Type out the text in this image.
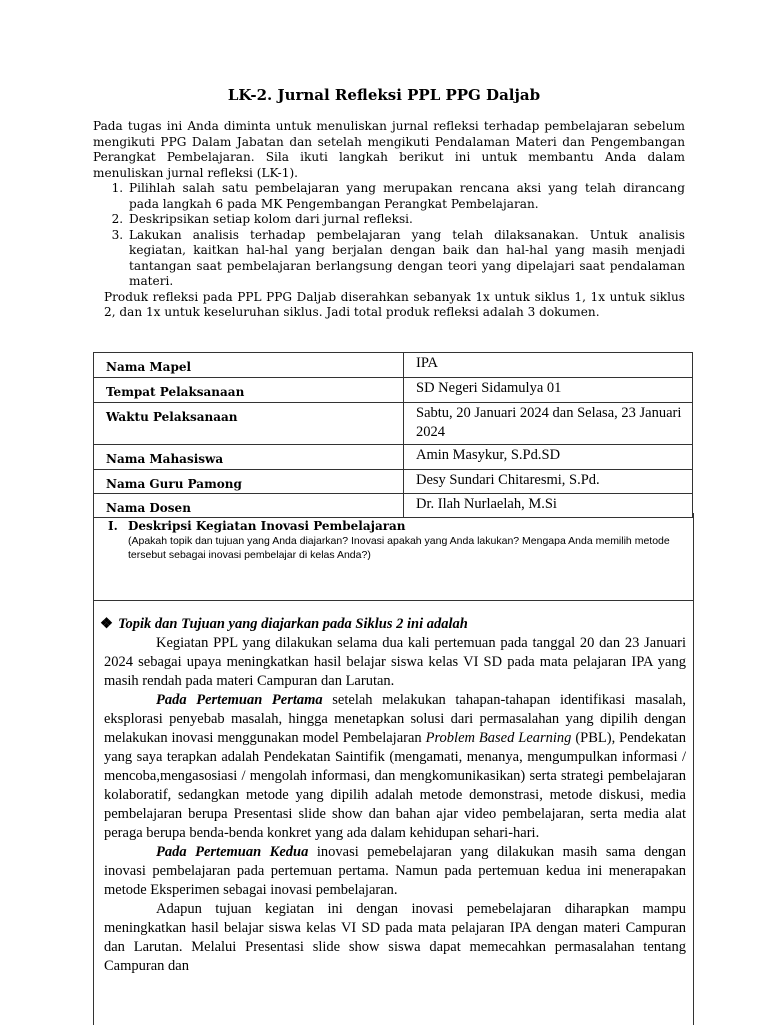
LK-2. Jurnal Refleksi PPL PPG Daljab

Pada tugas ini Anda diminta untuk menuliskan jurnal refleksi terhadap pembelajaran sebelum mengikuti PPG Dalam Jabatan dan setelah mengikuti Pendalaman Materi dan Pengembangan Perangkat Pembelajaran. Sila ikuti langkah berikut ini untuk membantu Anda dalam menuliskan jurnal refleksi (LK-1).

1. Pilihlah salah satu pembelajaran yang merupakan rencana aksi yang telah dirancang pada langkah 6 pada MK Pengembangan Perangkat Pembelajaran.
2. Deskripsikan setiap kolom dari jurnal refleksi.
3. Lakukan analisis terhadap pembelajaran yang telah dilaksanakan. Untuk analisis kegiatan, kaitkan hal-hal yang berjalan dengan baik dan hal-hal yang masih menjadi tantangan saat pembelajaran berlangsung dengan teori yang dipelajari saat pendalaman materi.

Produk refleksi pada PPL PPG Daljab diserahkan sebanyak 1x untuk siklus 1, 1x untuk siklus 2, dan 1x untuk keseluruhan siklus. Jadi total produk refleksi adalah 3 dokumen.

Nama Mapel	IPA
Tempat Pelaksanaan	SD Negeri Sidamulya 01
Waktu Pelaksanaan	Sabtu, 20 Januari 2024 dan Selasa, 23 Januari 2024
Nama Mahasiswa	Amin Masykur, S.Pd.SD
Nama Guru Pamong	Desy Sundari Chitaresmi, S.Pd.
Nama Dosen	Dr. Ilah Nurlaelah, M.Si
I. Deskripsi Kegiatan Inovasi Pembelajaran
(Apakah topik dan tujuan yang Anda diajarkan? Inovasi apakah yang Anda lakukan? Mengapa Anda memilih metode tersebut sebagai inovasi pembelajar di kelas Anda?)
❖ Topik dan Tujuan yang diajarkan pada Siklus 2 ini adalah

Kegiatan PPL yang dilakukan selama dua kali pertemuan pada tanggal 20 dan 23 Januari 2024 sebagai upaya meningkatkan hasil belajar siswa kelas VI SD pada mata pelajaran IPA yang masih rendah pada materi Campuran dan Larutan.

Pada Pertemuan Pertama setelah melakukan tahapan-tahapan identifikasi masalah, eksplorasi penyebab masalah, hingga menetapkan solusi dari permasalahan yang dipilih dengan melakukan inovasi menggunakan model Pembelajaran Problem Based Learning (PBL), Pendekatan yang saya terapkan adalah Pendekatan Saintifik (mengamati, menanya, mengumpulkan informasi / mencoba,mengasosiasi / mengolah informasi, dan mengkomunikasikan) serta strategi pembelajaran kolaboratif, sedangkan metode yang dipilih adalah metode demonstrasi, metode diskusi, media pembelajaran berupa Presentasi slide show dan bahan ajar video pembelajaran, serta media alat peraga berupa benda-benda konkret yang ada dalam kehidupan sehari-hari.

Pada Pertemuan Kedua inovasi pemebelajaran yang dilakukan masih sama dengan inovasi pembelajaran pada pertemuan pertama. Namun pada pertemuan kedua ini menerapakan metode Eksperimen sebagai inovasi pembelajaran.

Adapun tujuan kegiatan ini dengan inovasi pemebelajaran diharapkan mampu meningkatkan hasil belajar siswa kelas VI SD pada mata pelajaran IPA dengan materi Campuran dan Larutan. Melalui Presentasi slide show siswa dapat memecahkan permasalahan tentang Campuran dan
